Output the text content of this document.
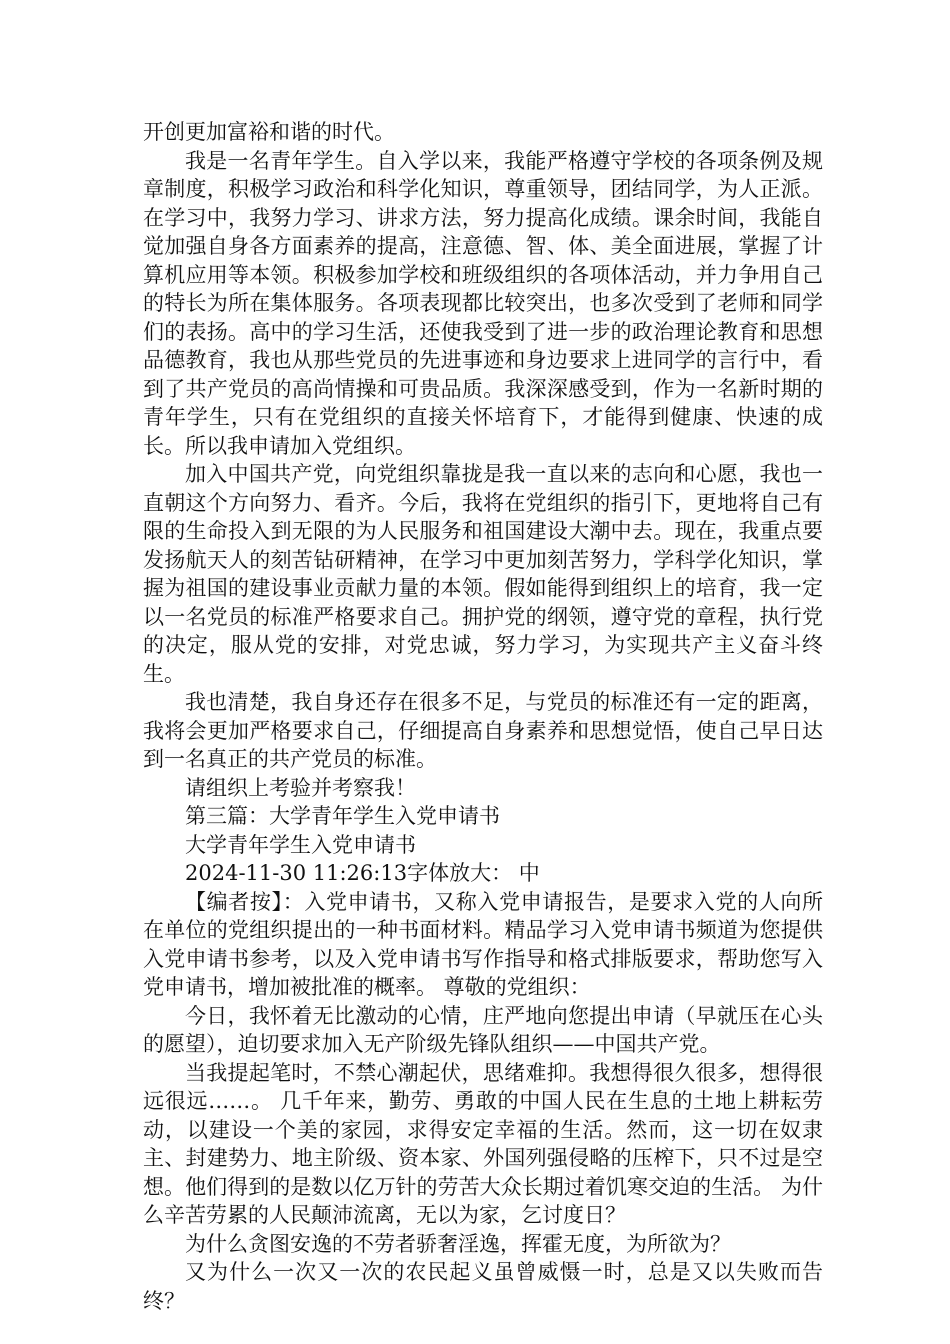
开创更加富裕和谐的时代。

我是一名青年学生。自入学以来，我能严格遵守学校的各项条例及规章制度，积极学习政治和科学化知识，尊重领导，团结同学，为人正派。在学习中，我努力学习、讲求方法，努力提高化成绩。课余时间，我能自觉加强自身各方面素养的提高，注意德、智、体、美全面进展，掌握了计算机应用等本领。积极参加学校和班级组织的各项体活动，并力争用自己的特长为所在集体服务。各项表现都比较突出，也多次受到了老师和同学们的表扬。高中的学习生活，还使我受到了进一步的政治理论教育和思想品德教育，我也从那些党员的先进事迹和身边要求上进同学的言行中，看到了共产党员的高尚情操和可贵品质。我深深感受到，作为一名新时期的青年学生，只有在党组织的直接关怀培育下，才能得到健康、快速的成长。所以我申请加入党组织。

加入中国共产党，向党组织靠拢是我一直以来的志向和心愿，我也一直朝这个方向努力、看齐。今后，我将在党组织的指引下，更地将自己有限的生命投入到无限的为人民服务和祖国建设大潮中去。现在，我重点要发扬航天人的刻苦钻研精神，在学习中更加刻苦努力，学科学化知识，掌握为祖国的建设事业贡献力量的本领。假如能得到组织上的培育，我一定以一名党员的标准严格要求自己。拥护党的纲领，遵守党的章程，执行党的决定，服从党的安排，对党忠诚，努力学习，为实现共产主义奋斗终生。

我也清楚，我自身还存在很多不足，与党员的标准还有一定的距离，我将会更加严格要求自己，仔细提高自身素养和思想觉悟，使自己早日达到一名真正的共产党员的标准。

请组织上考验并考察我！

第三篇：大学青年学生入党申请书

大学青年学生入党申请书

2024-11-30 11:26:13字体放大： 中

【编者按】：入党申请书，又称入党申请报告，是要求入党的人向所在单位的党组织提出的一种书面材料。精品学习入党申请书频道为您提供入党申请书参考，以及入党申请书写作指导和格式排版要求，帮助您写入党申请书，增加被批准的概率。 尊敬的党组织：

今日，我怀着无比激动的心情，庄严地向您提出申请（早就压在心头的愿望），迫切要求加入无产阶级先锋队组织——中国共产党。

当我提起笔时，不禁心潮起伏，思绪难抑。我想得很久很多，想得很远很远……。 几千年来，勤劳、勇敢的中国人民在生息的土地上耕耘劳动，以建设一个美的家园，求得安定幸福的生活。然而，这一切在奴隶主、封建势力、地主阶级、资本家、外国列强侵略的压榨下，只不过是空想。他们得到的是数以亿万针的劳苦大众长期过着饥寒交迫的生活。 为什么辛苦劳累的人民颠沛流离，无以为家，乞讨度日？

为什么贪图安逸的不劳者骄奢淫逸，挥霍无度，为所欲为？

又为什么一次又一次的农民起义虽曾威慑一时，总是又以失败而告终？
